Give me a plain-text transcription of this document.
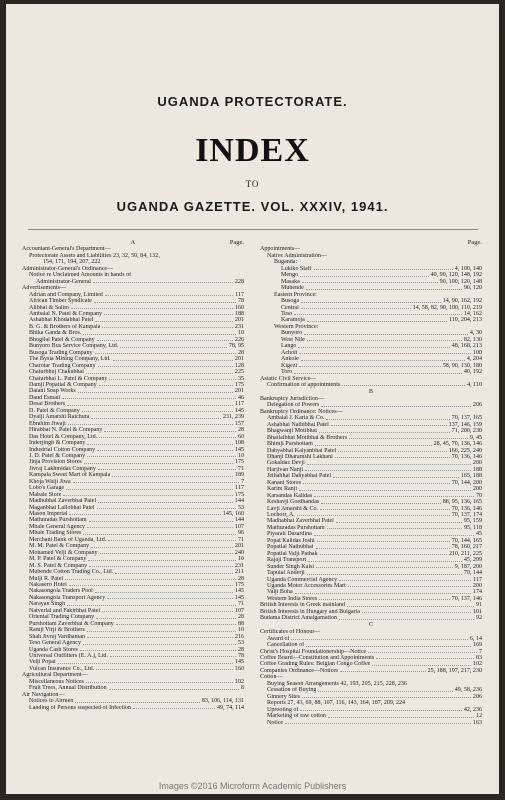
UGANDA PROTECTORATE.
INDEX
TO
UGANDA GAZETTE. VOL. XXXIV, 1941.
A	Page.
Accountant-General's Department—
Protectorate Assets and Liabilities 23, 32, 50, 84, 132,
154, 171, 194, 207, 222
Administrator-General's Ordinance—
Notice re Unclaimed Amounts in hands of
Administrator-General	228
Advertisements—
Adrian and Company, Limited	117
African Timber Syndicate	78
Alibhai & Salim	160
Ambalal N. Patel & Company	188
Ashabhai Khodabhai Patel	201
B. G. & Brothers of Kampala	231
Bhika Ganda & Bros.	10
Bhogilal Patel & Company	226
Bunyoro Bus Service Company, Ltd.	78, 95
Busoga Trading Company	28
The Bysia Mining Company, Ltd.	201
Charotar Trading Company	128
Chaturbhuj Chakubhai	225
Chaturbhai L. Patel & Company	35
Damji Popatlal & Company	175
Datani Soap Works	201
Daud Esmail	46
Desai Brothers	117
D. Patel & Company	145
Dyalji Amarshi Raichura	231, 239
Ebrahim Jiwaji	157
Hirabhai N. Patel & Company	28
Das Hotel & Company, Ltd.	60
Inderjingh & Company	108
Industrial Cotton Company	145
J. D. Patel & Company	10
Jinja Provision Stores	175
Jivraj Lakhmidas Company	71
Kampala Sweet Mart of Kampala	189
Khoja Walji Jiwa	7
Lobo's Garage	117
Mabale Store	175
Madhubhai Zaverbhai Patel	144
Maganbhai Lallobhai Patel	53
Mason Imperial	145, 160
Mathuradas Purshottam	144
Mbale General Agency	107
Mbale Trading Stores	96
Merchant Bank of Uganda, Ltd.	71
M. M. Patel & Company	201
Mohamed Velji & Company	240
M. P. Patel & Company	10
M. S. Patel & Company	231
Mubende Cotton Trading Co., Ltd.	211
Mulji R. Patel	28
Nakasero Hotel	175
Nakasongola Traders Pool	145
Nakasongola Transport Agency	145
Narayan Singh	71
Natverlal and Fakirbhai Patel	107
Oriental Trading Company	28
Purshottam Zaverbhai & Company	88
Ramji Virji & Brothers	10
Shah Jivraj Vardhaman	216
Teso General Agency	53
Uganda Cash Stores	28
Universal Outfitters (E. A.), Ltd.	78
Velji Popat	145
Vulcan Insurance Co., Ltd.	160
Agricultural Department—
Miscellaneous Notices	102
Fruit Trees, Annual Distribution	8
Air Navigation—
Notices to Airmen	83, 106, 114, 131
Landing of Persons suspected of Infection	49, 74, 114
Page.
Appointments—
Native Administration—
Buganda:
Lukiko Staff	4, 100, 140
Mengo	40, 90, 120, 148, 192
Masaka	90, 100, 120, 148
Mubende	90, 120
Eastern Province:
Busoga	14, 90, 162, 192
Central	14, 58, 82, 90, 100, 110, 219
Teso	14, 162
Karamoja	110, 204, 213
Western Province:
Bunyoro	4, 30
West Nile	82, 130
Lango	48, 168, 213
Acholi	100
Ankole	4, 204
Kigezi	58, 90, 130, 180
Toro	40, 192
Asiatic Civil Service—
Confirmation of appointments	4, 110
B
Bankruptcy Jurisdiction—
Delegation of Powers	206
Bankruptcy Ordinance: Notices—
Ambalal J. Karia & Co.	70, 137, 165
Ashabhai Nathibhai Patel	137, 146, 159
Bhagwanji Motibhai	71, 200, 230
Bhailalbhai Motibhai & Brothers	9, 45
Bhimji Purshottam	28, 45, 70, 136, 146
Dahyabhai Kalyanbhai Patel	166, 225, 240
Dhanji Dharamshi Lakhani	70, 136, 146
Gokaldas Devji	200
Harjivan Nanji	188
Jethabhai Dahyabhai Patel	165, 188
Kanani Stores	70, 144, 200
Karim Ranji	200
Karsandas Kalidas	70
Keshavji Gordhandas	88, 95, 136, 165
Lavji Amarshi & Co.	70, 136, 146
Lochorr, A.	70, 137, 174
Madhabhai Zaverbhai Patel	95, 159
Mathuradas Purshottam	95, 118
Piyaralí Dasardina	45
Popat Kalidas Joshi	70, 144, 165
Popatlal Nathubhai	78, 160, 217
Popatlal Valji Pathak	210, 211, 225
Rajaji Transport	45, 209
Sunder Singh Kalsi	9, 187, 200
Tapulal Anderji	70, 144
Uganda Commercial Agency	117
Uganda Motor Accessories Mart	200
Valji Boha	174
Western India Stores	70, 137, 146
British Interests in Greek mainland	91
British Interests in Hungary and Bulgaria	101
Budama District Amalgamation	92
C
Certificates of Honour—
Award of	6, 14
Cancellation of	169
Christ's Hospital Foundationership—Notice	7
Coffee Board—Constitution and Appointments	83
Coffee Grading Rules: Belgian Congo Coffee	102
Companies Ordinance—Notices	25, 188, 197, 217, 230
Cotton—
Buying Season Arrangements 42, 193, 205, 215, 228, 236
Cessation of Buying	49, 58, 236
Ginnery Sites	206
Reports 27, 43, 69, 88, 107, 116, 143, 164, 187, 209, 224
Uprooting of	42, 236
Marketing of raw cotton	12
Notice	163
Images ©2016 Microform Academic Publishers
